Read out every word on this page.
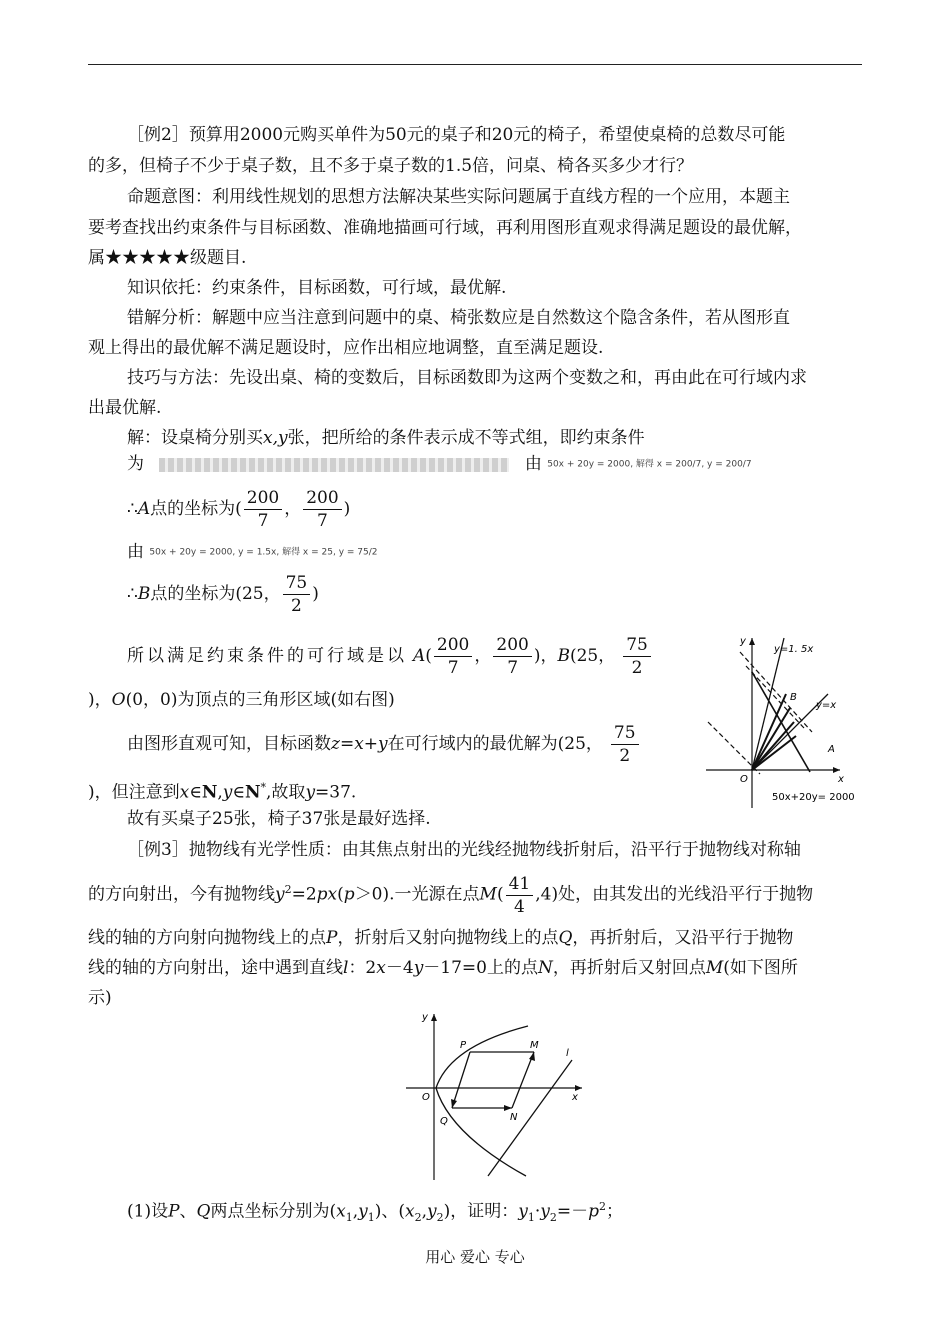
［例2］预算用2000元购买单件为50元的桌子和20元的椅子，希望使桌椅的总数尽可能
的多，但椅子不少于桌子数，且不多于桌子数的1.5倍，问桌、椅各买多少才行？
命题意图：利用线性规划的思想方法解决某些实际问题属于直线方程的一个应用，本题主
要考查找出约束条件与目标函数、准确地描画可行域，再利用图形直观求得满足题设的最优解，
属★★★★★级题目.
知识依托：约束条件，目标函数，可行域，最优解.
错解分析：解题中应当注意到问题中的桌、椅张数应是自然数这个隐含条件，若从图形直
观上得出的最优解不满足题设时，应作出相应地调整，直至满足题设.
技巧与方法：先设出桌、椅的变数后，目标函数即为这两个变数之和，再由此在可行域内求
出最优解.
解：设桌椅分别买x,y张，把所给的条件表示成不等式组，即约束条件
为	由 50x + 20y = 2000, 解得 x = 200/7, y = 200/7
∴A点的坐标为( $\frac{200}{7}$ ， $\frac{200}{7}$ )
由 50x + 20y = 2000, y = 1.5x, 解得 x = 25, y = 75/2
∴B点的坐标为(25， $\frac{75}{2}$ )
所以满足约束条件的可行域是以 $A( \frac{200}{7}$ ， $\frac{200}{7}$ )，B(25， $\frac{75}{2}$
)，O(0，0)为顶点的三角形区域(如右图)
由图形直观可知，目标函数z=x+y在可行域内的最优解为(25， $\frac{75}{2}$
)，但注意到x∈N,y∈N*,故取y=37.
故有买桌子25张，椅子37张是最好选择.
y
x
O
B
A
y=1. 5x
y=x
50x+20y= 2000
［例3］抛物线有光学性质：由其焦点射出的光线经抛物线折射后，沿平行于抛物线对称轴
的方向射出，今有抛物线$y^2=2px(p>0)$.一光源在点$M( \frac{41}{4} ,4)$处，由其发出的光线沿平行于抛物
线的轴的方向射向抛物线上的点P，折射后又射向抛物线上的点Q，再折射后，又沿平行于抛物
线的轴的方向射出，途中遇到直线l：2x－4y－17=0上的点N，再折射后又射回点M(如下图所
示)
y
x
O
P	M
Q	N
l
(1)设P、Q两点坐标分别为$(x_1,y_1)$、$(x_2,y_2)$，证明：$y_1\cdot y_2=-p^2$；
用心 爱心 专心
